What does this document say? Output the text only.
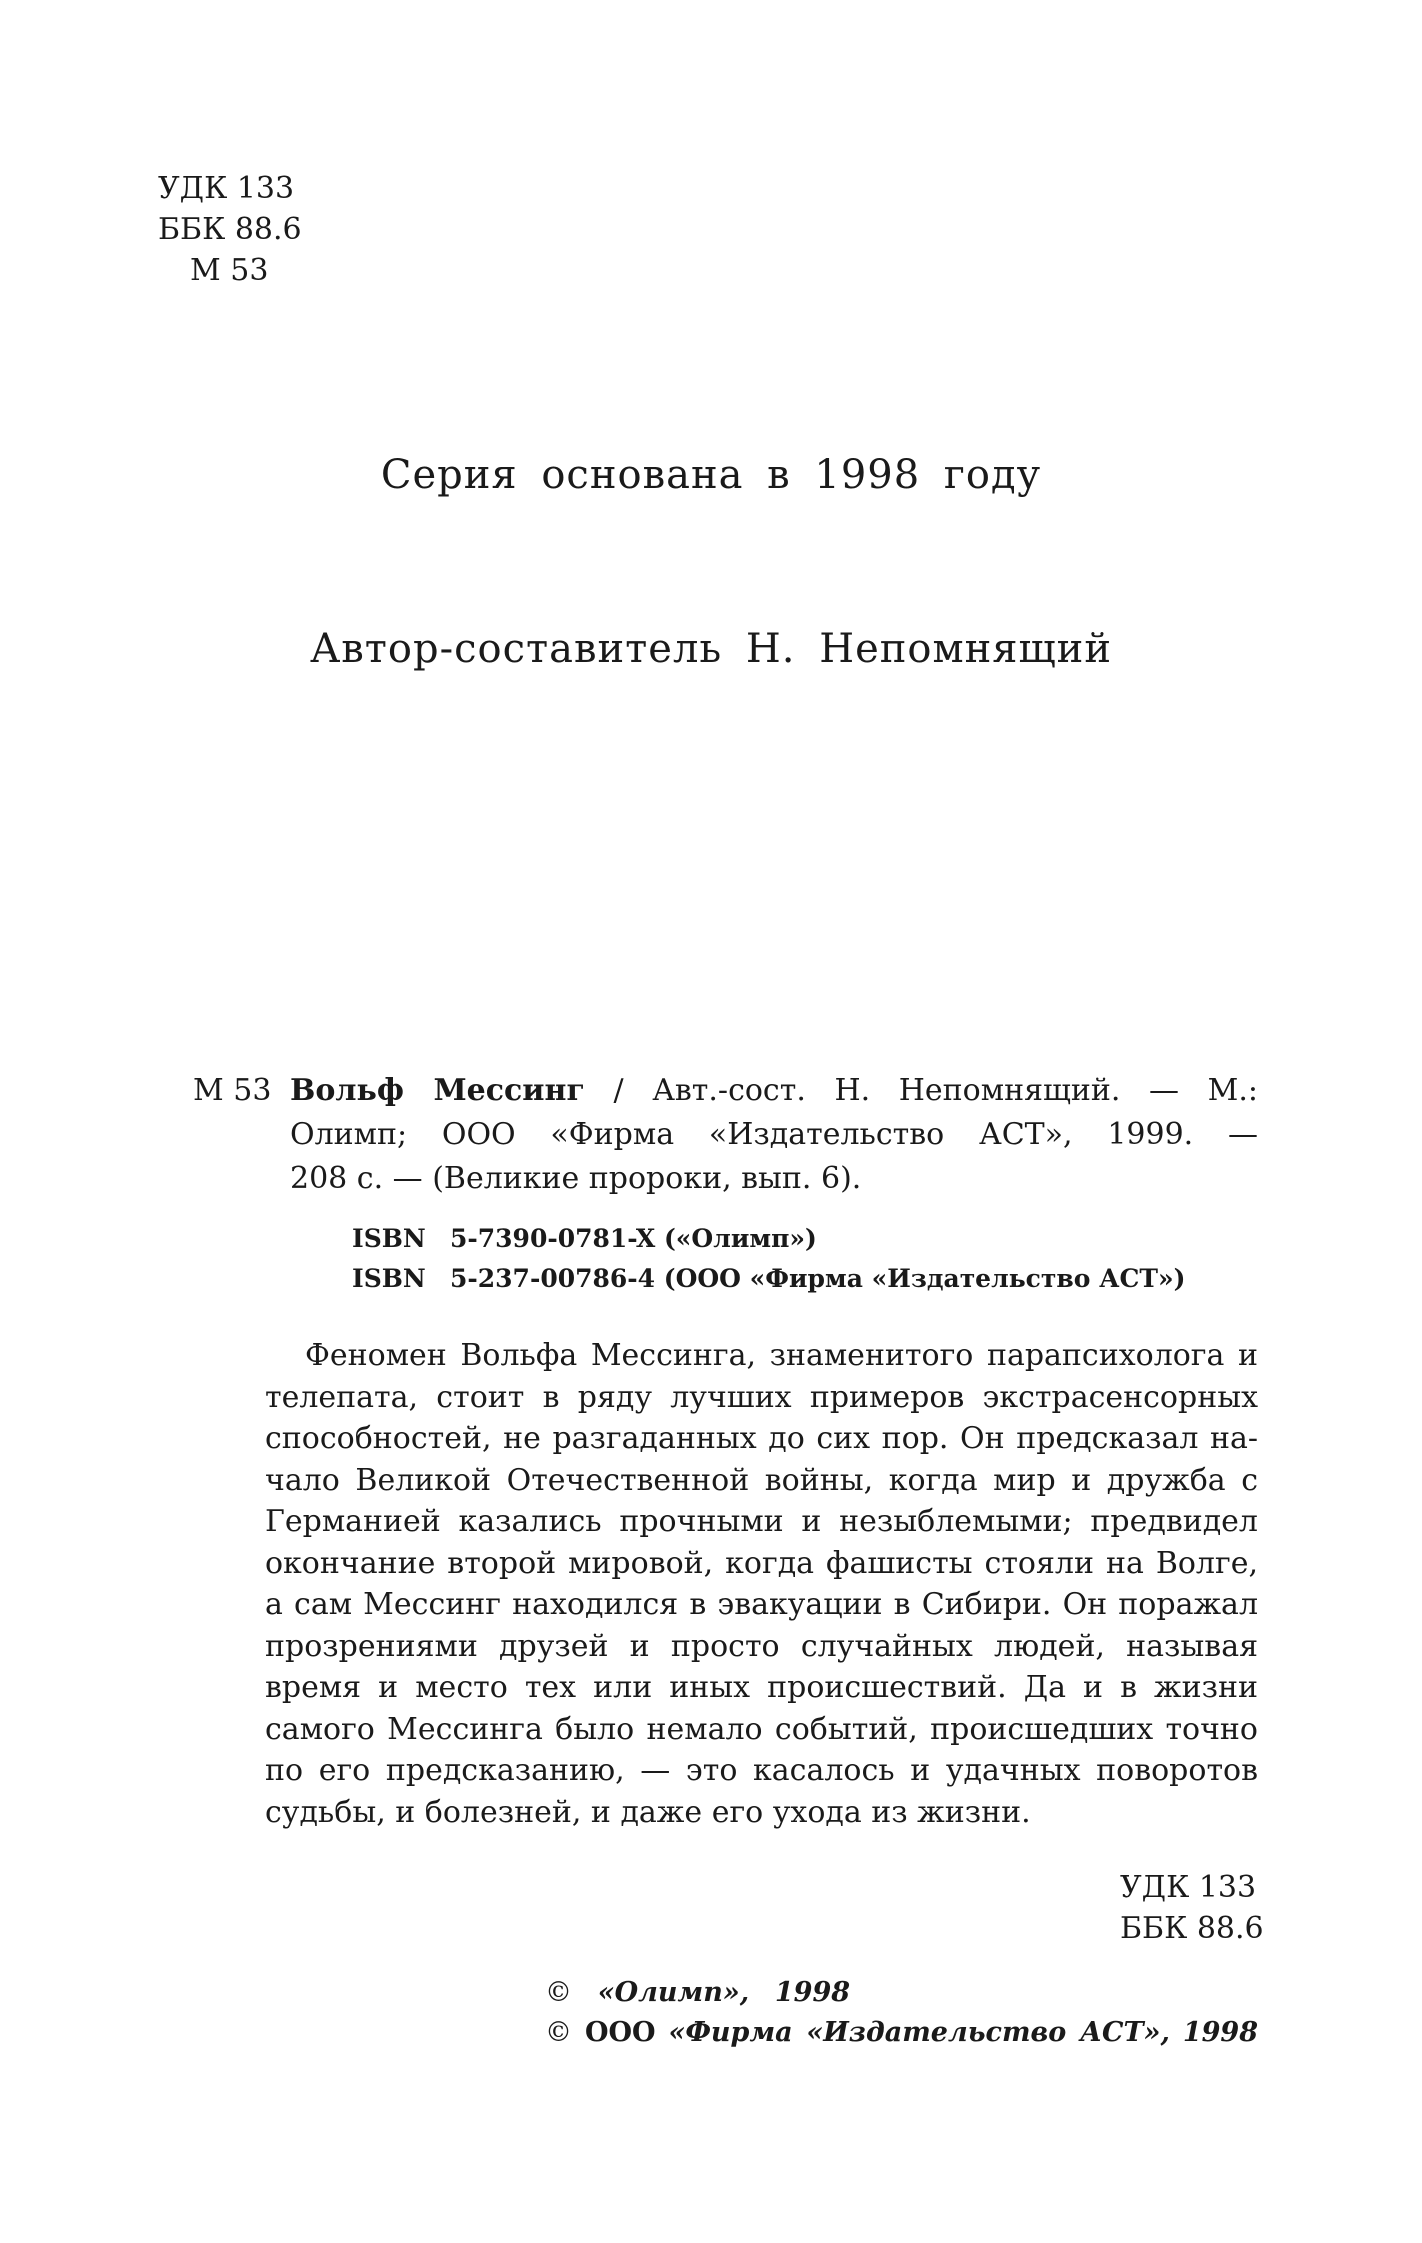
УДК 133
ББК 88.6
М 53
Серия основана в 1998 году
Автор-составитель Н. Непомнящий
М 53 Вольф Мессинг / Авт.-сост. Н. Непомнящий. — М.:
Олимп; ООО «Фирма «Издательство АСТ», 1999. —
208 с. — (Великие пророки, вып. 6).
ISBN 5-7390-0781-X («Олимп»)
ISBN 5-237-00786-4 (ООО «Фирма «Издательство АСТ»)
Феномен Вольфа Мессинга, знаменитого парапсихолога и
телепата, стоит в ряду лучших примеров экстрасенсорных
способностей, не разгаданных до сих пор. Он предсказал на-
чало Великой Отечественной войны, когда мир и дружба с
Германией казались прочными и незыблемыми; предвидел
окончание второй мировой, когда фашисты стояли на Волге,
а сам Мессинг находился в эвакуации в Сибири. Он поражал
прозрениями друзей и просто случайных людей, называя
время и место тех или иных происшествий. Да и в жизни
самого Мессинга было немало событий, происшедших точно
по его предсказанию, — это касалось и удачных поворотов
судьбы, и болезней, и даже его ухода из жизни.
УДК 133
ББК 88.6
© «Олимп», 1998
© ООО «Фирма «Издательство АСТ», 1998
